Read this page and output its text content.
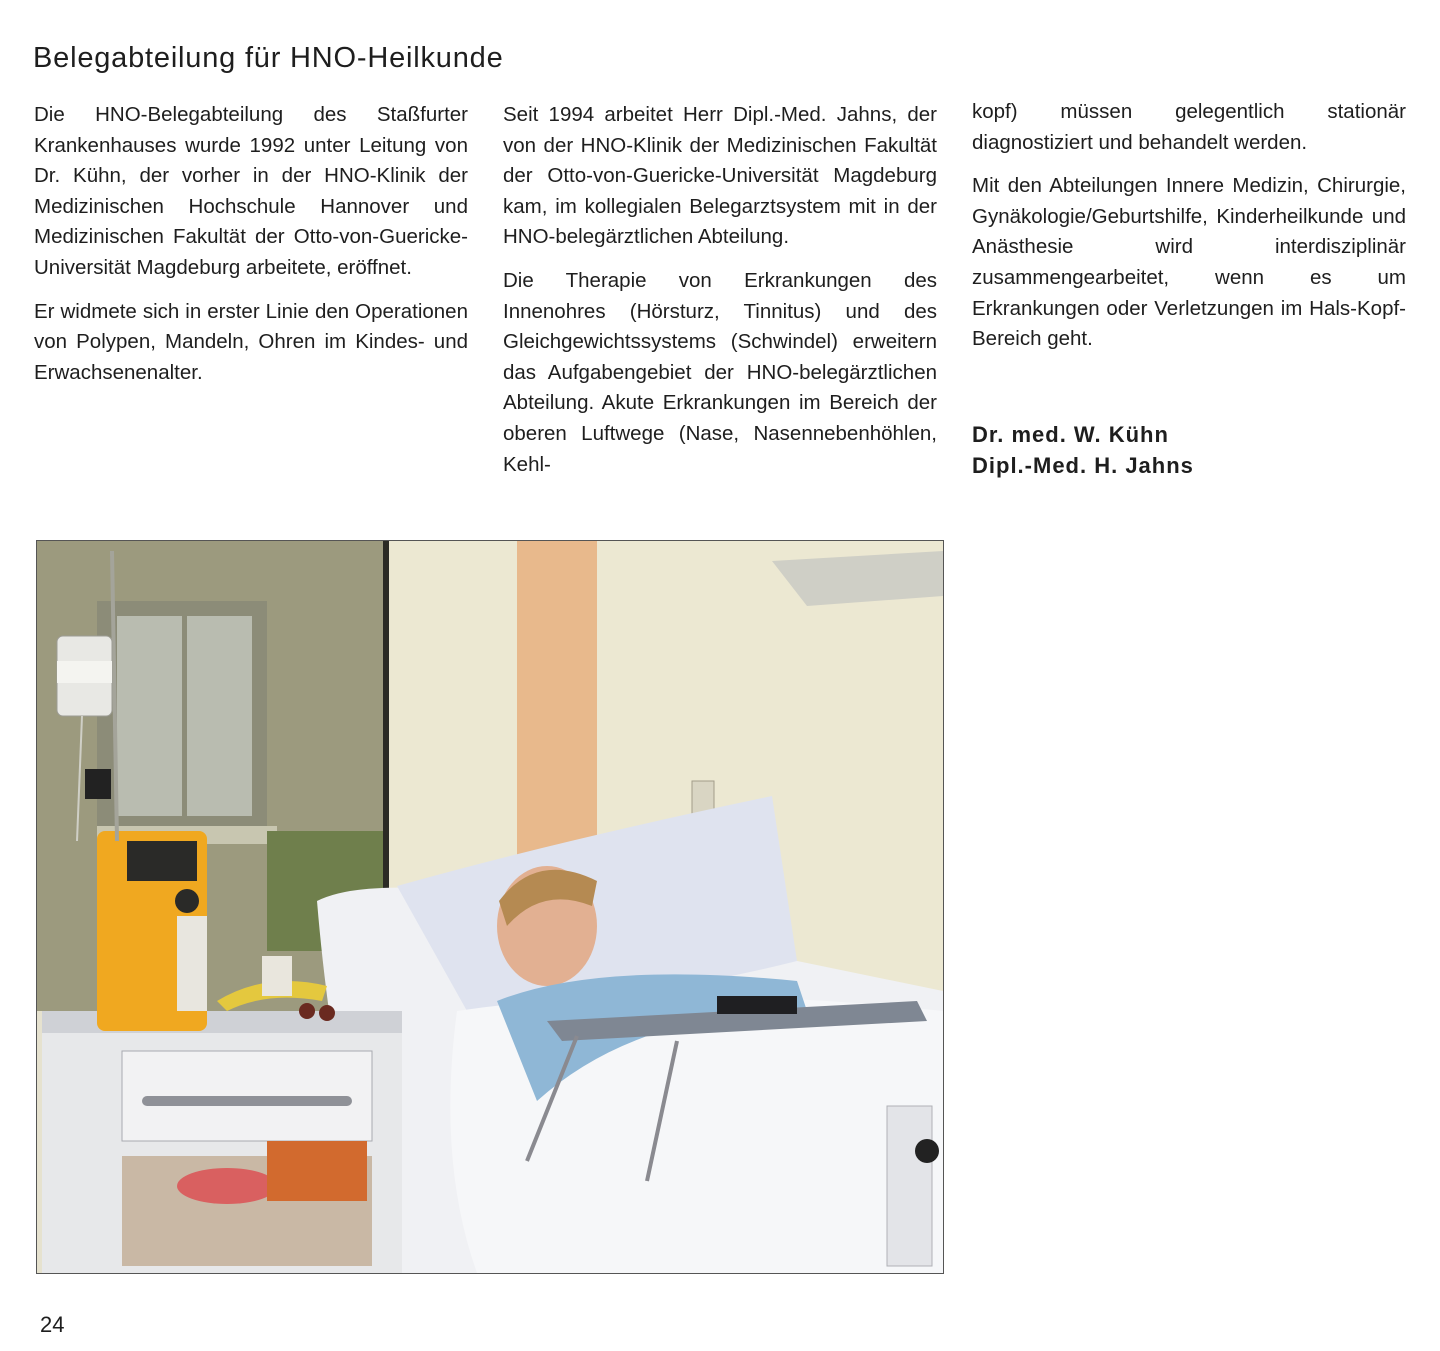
Belegabteilung für HNO-Heilkunde

Die HNO-Belegabteilung des Staßfurter Krankenhauses wurde 1992 unter Leitung von Dr. Kühn, der vorher in der HNO-Klinik der Medizinischen Hochschule Hannover und Medizinischen Fakultät der Otto-von-Guericke-Universität Magdeburg arbeitete, eröffnet.

Er widmete sich in erster Linie den Operationen von Polypen, Mandeln, Ohren im Kindes- und Erwachsenenalter.

Seit 1994 arbeitet Herr Dipl.-Med. Jahns, der von der HNO-Klinik der Medizinischen Fakultät der Otto-von-Guericke-Universität Magdeburg kam, im kollegialen Belegarztsystem mit in der HNO-belegärztlichen Abteilung.

Die Therapie von Erkrankungen des Innenohres (Hörsturz, Tinnitus) und des Gleichgewichtssystems (Schwindel) erweitern das Aufgabengebiet der HNO-belegärztlichen Abteilung. Akute Erkrankungen im Bereich der oberen Luftwege (Nase, Nasennebenhöhlen, Kehl-

kopf) müssen gelegentlich stationär diagnostiziert und behandelt werden.

Mit den Abteilungen Innere Medizin, Chirurgie, Gynäkologie/Geburtshilfe, Kinderheilkunde und Anästhesie wird interdisziplinär zusammengearbeitet, wenn es um Erkrankungen oder Verletzungen im Hals-Kopf-Bereich geht.

Dr. med. W. Kühn
Dipl.-Med. H. Jahns
24
